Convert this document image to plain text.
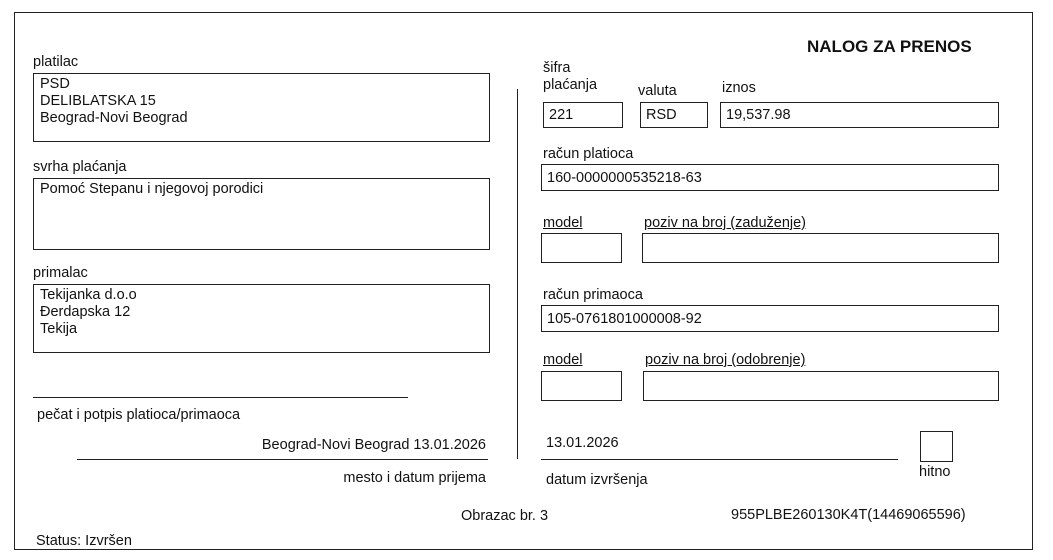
NALOG ZA PRENOS
platilac
PSD
DELIBLATSKA 15
Beograd-Novi Beograd
svrha plaćanja
Pomoć Stepanu i njegovoj porodici
primalac
Tekijanka d.o.o
Đerdapska 12
Tekija
pečat i potpis platioca/primaoca
Beograd-Novi Beograd 13.01.2026
mesto i datum prijema
šifra
plaćanja	valuta	iznos
221	RSD	19,537.98
račun platioca
160-0000000535218-63
model	poziv na broj (zaduženje)
račun primaoca
105-0761801000008-92
model	poziv na broj (odobrenje)
13.01.2026
datum izvršenja	hitno
Obrazac br. 3	955PLBE260130K4T(14469065596)
Status: Izvršen
